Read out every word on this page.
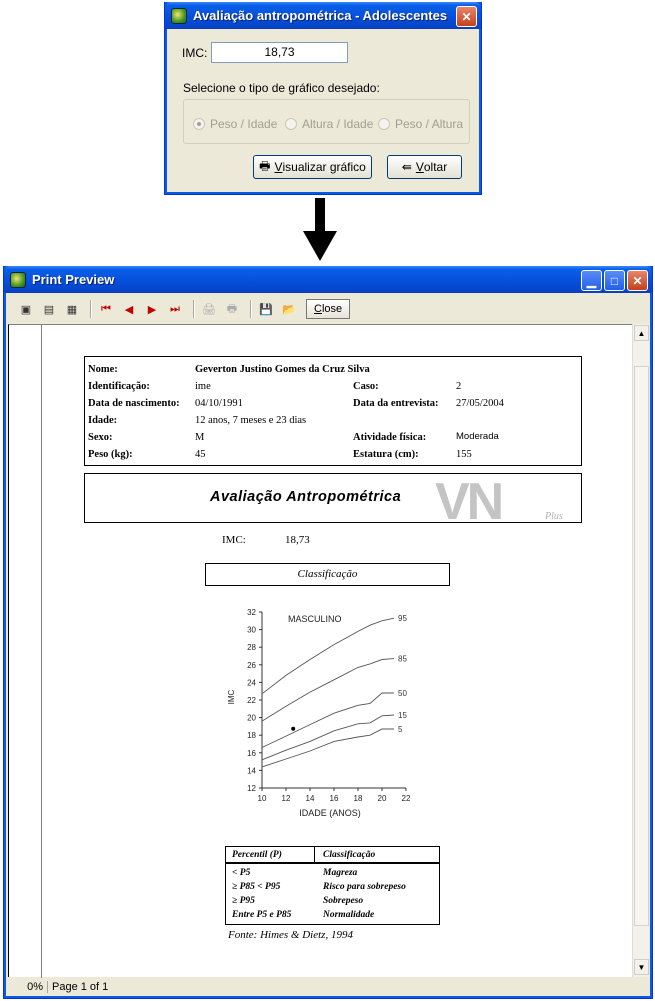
Avaliação antropométrica - Adolescentes	✕
IMC:	18,73
Selecione o tipo de gráfico desejado:
Peso / Idade Altura / Idade Peso / Altura
🖶 V isualizar gráfico	⇚ V oltar
Print Preview	▁	□	✕
▣	▤	▦	⏮	◀	▶	⏭	🖨 🖶	💾 📂 C lose
▲
▼
0% Page 1 of 1
Nome:	Geverton Justino Gomes da Cruz Silva
Identificação:	ime	Caso:	2
Data de nascimento: 04/10/1991	Data da entrevista: 27/05/2004
Idade:	12 anos, 7 meses e 23 dias
Sexo:	M	Atividade física:	Moderada
Peso (kg):	45	Estatura (cm):	155
Avaliação Antropométrica VN	Plus
IMC:	18,73
Classificação
12
14
16
18
20
22
24
26
28
30
32
10 12 14 16 18 20 22
95
85
50
15
5
MASCULINO
IDADE (ANOS)
IMC
Percentil (P)	Classificação
< P5	Magreza
≥ P85 < P95	Risco para sobrepeso
≥ P95	Sobrepeso
Entre P5 e P85	Normalidade
Fonte: Himes & Dietz, 1994
